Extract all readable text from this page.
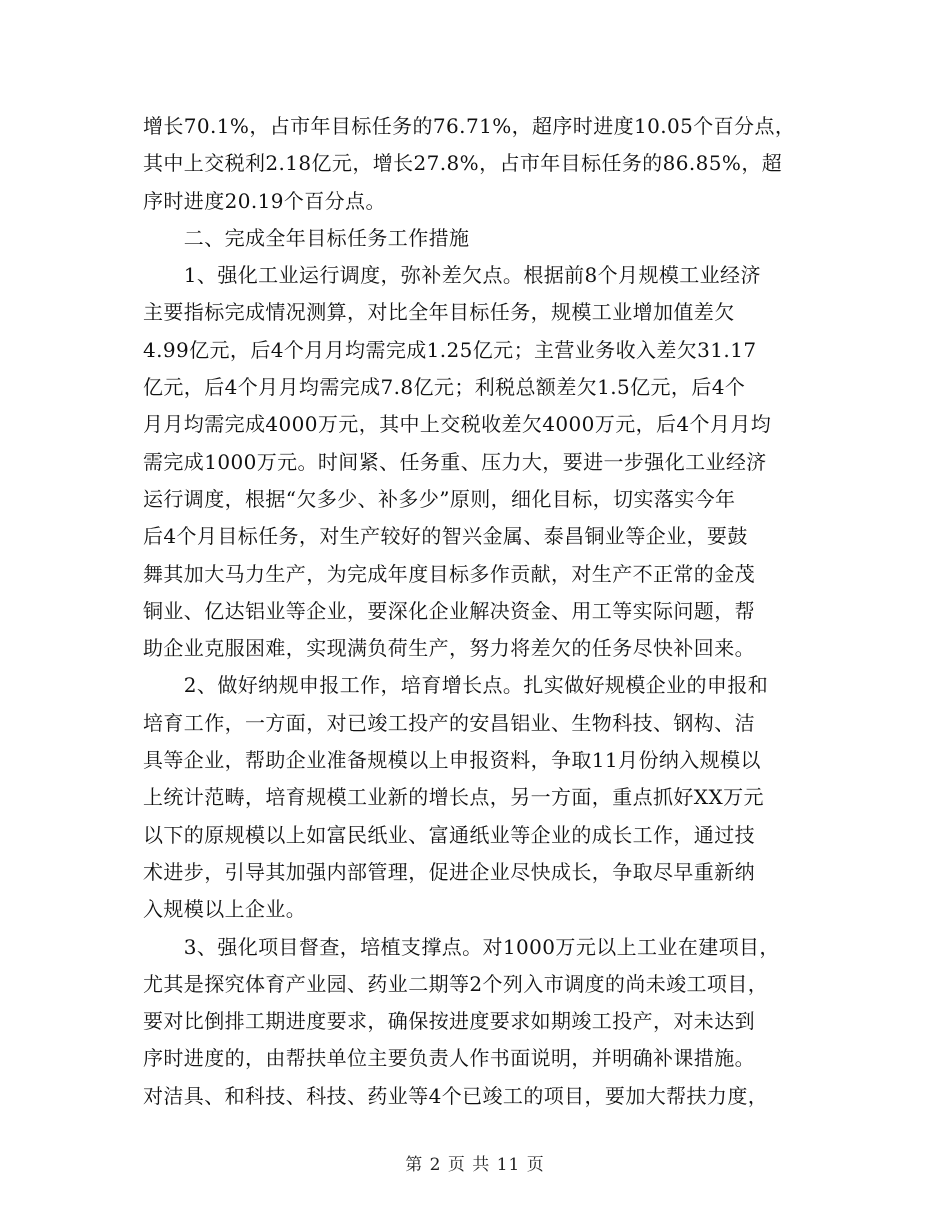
增长70.1%，占市年目标任务的76.71%，超序时进度10.05个百分点，
其中上交税利2.18亿元，增长27.8%，占市年目标任务的86.85%，超
序时进度20.19个百分点。
　　二、完成全年目标任务工作措施
　　1、强化工业运行调度，弥补差欠点。根据前8个月规模工业经济
主要指标完成情况测算，对比全年目标任务，规模工业增加值差欠
4.99亿元，后4个月月均需完成1.25亿元；主营业务收入差欠31.17
亿元，后4个月月均需完成7.8亿元；利税总额差欠1.5亿元，后4个
月月均需完成4000万元，其中上交税收差欠4000万元，后4个月月均
需完成1000万元。时间紧、任务重、压力大，要进一步强化工业经济
运行调度，根据“欠多少、补多少”原则，细化目标，切实落实今年
后4个月目标任务，对生产较好的智兴金属、泰昌铜业等企业，要鼓
舞其加大马力生产，为完成年度目标多作贡献，对生产不正常的金茂
铜业、亿达铝业等企业，要深化企业解决资金、用工等实际问题，帮
助企业克服困难，实现满负荷生产，努力将差欠的任务尽快补回来。
　　2、做好纳规申报工作，培育增长点。扎实做好规模企业的申报和
培育工作，一方面，对已竣工投产的安昌铝业、生物科技、钢构、洁
具等企业，帮助企业准备规模以上申报资料，争取11月份纳入规模以
上统计范畴，培育规模工业新的增长点，另一方面，重点抓好XX万元
以下的原规模以上如富民纸业、富通纸业等企业的成长工作，通过技
术进步，引导其加强内部管理，促进企业尽快成长，争取尽早重新纳
入规模以上企业。
　　3、强化项目督查，培植支撑点。对1000万元以上工业在建项目，
尤其是探究体育产业园、药业二期等2个列入市调度的尚未竣工项目，
要对比倒排工期进度要求，确保按进度要求如期竣工投产，对未达到
序时进度的，由帮扶单位主要负责人作书面说明，并明确补课措施。
对洁具、和科技、科技、药业等4个已竣工的项目，要加大帮扶力度，
第 2 页 共 11 页
